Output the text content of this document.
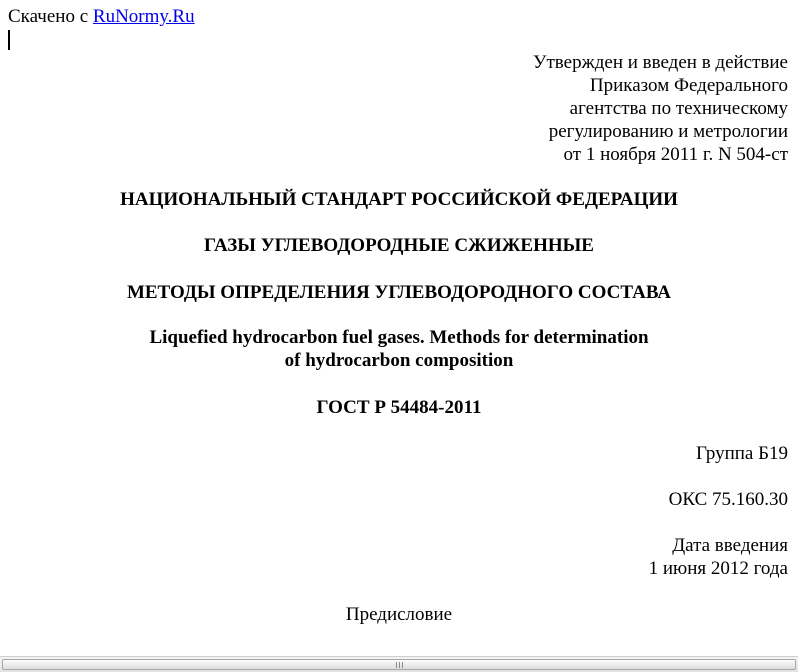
Скачено с RuNormy.Ru
Утвержден и введен в действие
Приказом Федерального
агентства по техническому
регулированию и метрологии
от 1 ноября 2011 г. N 504-ст
НАЦИОНАЛЬНЫЙ СТАНДАРТ РОССИЙСКОЙ ФЕДЕРАЦИИ
ГАЗЫ УГЛЕВОДОРОДНЫЕ СЖИЖЕННЫЕ
МЕТОДЫ ОПРЕДЕЛЕНИЯ УГЛЕВОДОРОДНОГО СОСТАВА
Liquefied hydrocarbon fuel gases. Methods for determination
of hydrocarbon composition
ГОСТ Р 54484-2011
Группа Б19
ОКС 75.160.30
Дата введения
1 июня 2012 года
Предисловие
